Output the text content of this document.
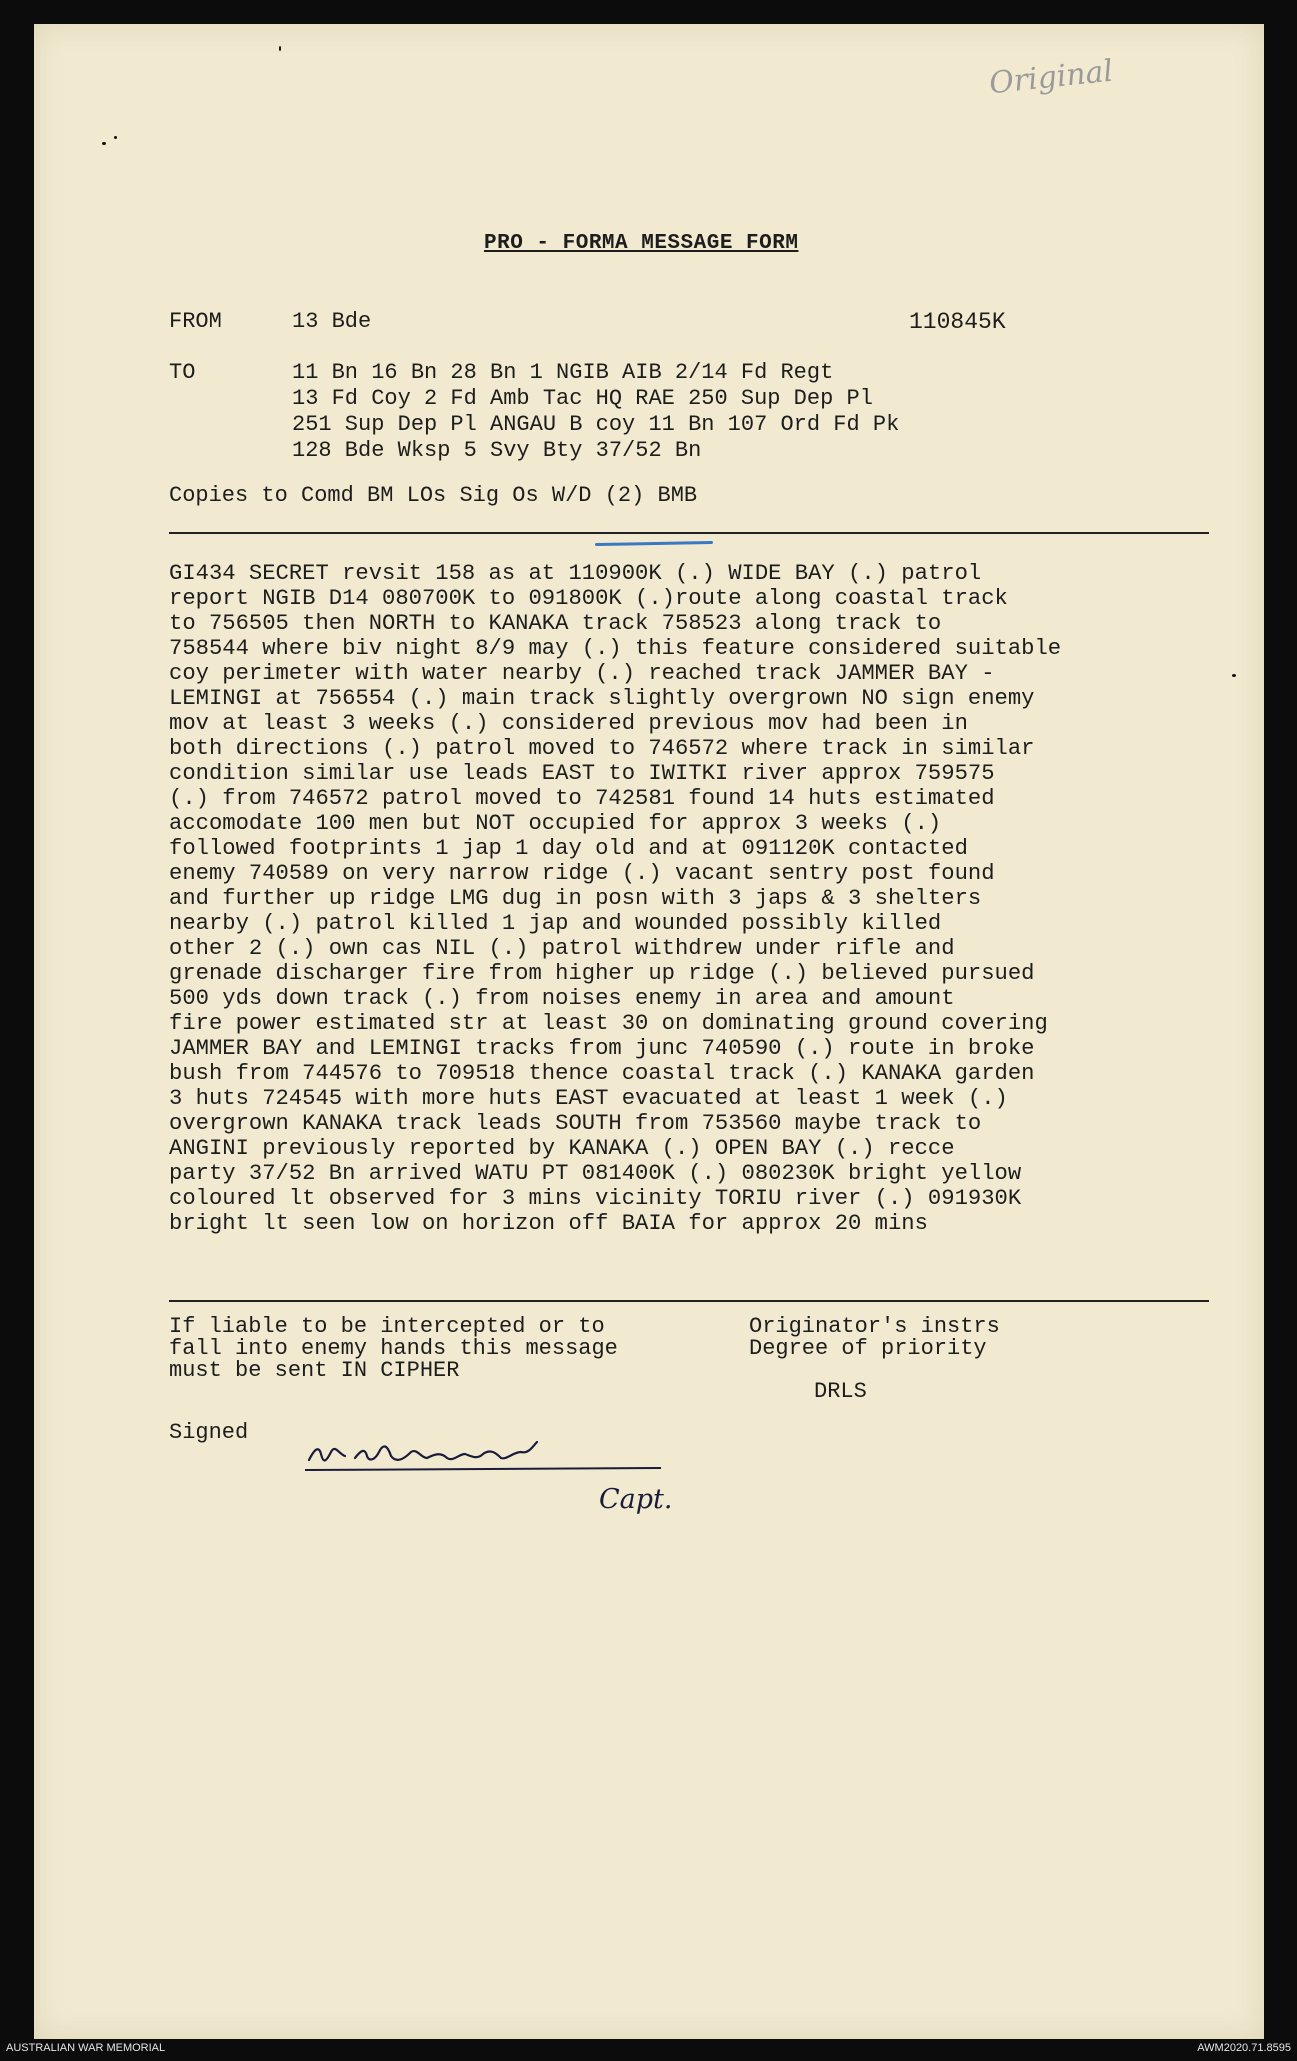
Original
PRO - FORMA MESSAGE FORM
FROM	13 Bde	110845K
TO	11 Bn 16 Bn 28 Bn 1 NGIB AIB 2/14 Fd Regt
13 Fd Coy 2 Fd Amb Tac HQ RAE 250 Sup Dep Pl
251 Sup Dep Pl ANGAU B coy 11 Bn 107 Ord Fd Pk
128 Bde Wksp 5 Svy Bty 37/52 Bn
Copies to Comd BM LOs Sig Os W/D (2) BMB
GI434 SECRET revsit 158 as at 110900K (.) WIDE BAY (.) patrol
report NGIB D14 080700K to 091800K (.)route along coastal track
to 756505 then NORTH to KANAKA track 758523 along track to
758544 where biv night 8/9 may (.) this feature considered suitable
coy perimeter with water nearby (.) reached track JAMMER BAY -
LEMINGI at 756554 (.) main track slightly overgrown NO sign enemy
mov at least 3 weeks (.) considered previous mov had been in
both directions (.) patrol moved to 746572 where track in similar
condition similar use leads EAST to IWITKI river approx 759575
(.) from 746572 patrol moved to 742581 found 14 huts estimated
accomodate 100 men but NOT occupied for approx 3 weeks (.)
followed footprints 1 jap 1 day old and at 091120K contacted
enemy 740589 on very narrow ridge (.) vacant sentry post found
and further up ridge LMG dug in posn with 3 japs & 3 shelters
nearby (.) patrol killed 1 jap and wounded possibly killed
other 2 (.) own cas NIL (.) patrol withdrew under rifle and
grenade discharger fire from higher up ridge (.) believed pursued
500 yds down track (.) from noises enemy in area and amount
fire power estimated str at least 30 on dominating ground covering
JAMMER BAY and LEMINGI tracks from junc 740590 (.) route in broke
bush from 744576 to 709518 thence coastal track (.) KANAKA garden
3 huts 724545 with more huts EAST evacuated at least 1 week (.)
overgrown KANAKA track leads SOUTH from 753560 maybe track to
ANGINI previously reported by KANAKA (.) OPEN BAY (.) recce
party 37/52 Bn arrived WATU PT 081400K (.) 080230K bright yellow
coloured lt observed for 3 mins vicinity TORIU river (.) 091930K
bright lt seen low on horizon off BAIA for approx 20 mins
If liable to be intercepted or to
fall into enemy hands this message
must be sent IN CIPHER
Originator's instrs
Degree of priority
DRLS
Signed
Capt.
AUSTRALIAN WAR MEMORIAL	AWM2020.71.8595
